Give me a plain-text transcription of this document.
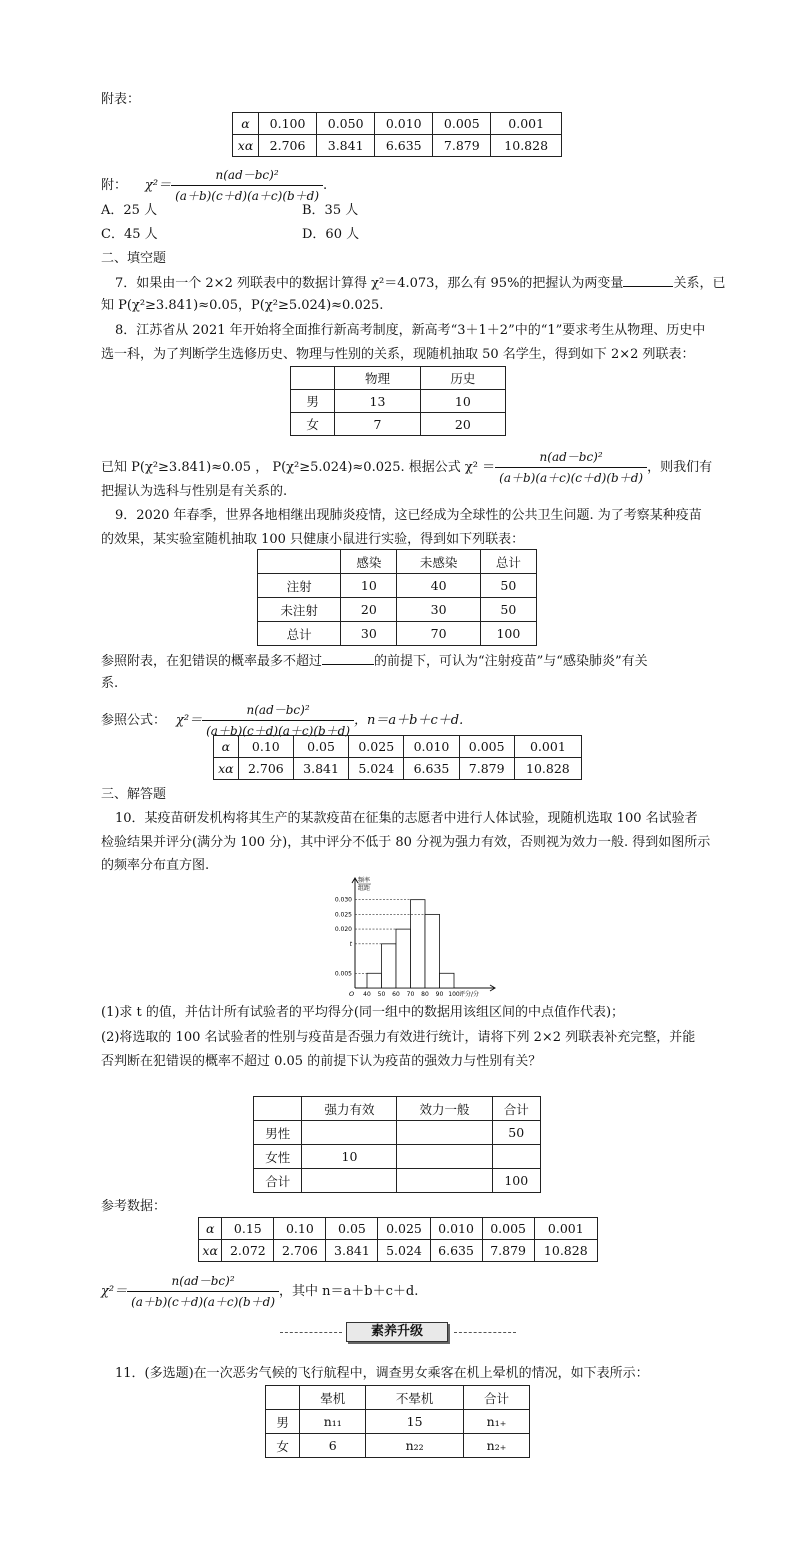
附表：

α	0.100	0.050	0.010	0.005	0.001
xα	2.706	3.841	6.635	7.879	10.828

附： $\chi^2= \frac{\text{n(ad－bc)²}}{(a+b)(c+d)(a+c)(b+d)}$ .

A．25 人	B．35 人

C．45 人	D．60 人

二、填空题

7．如果由一个 2×2 列联表中的数据计算得 χ²＝4.073，那么有 95%的把握认为两变量	关系，已

知 P(χ²≥3.841)≈0.05，P(χ²≥5.024)≈0.025.

8．江苏省从 2021 年开始将全面推行新高考制度，新高考“3＋1＋2”中的“1”要求考生从物理、历史中

选一科，为了判断学生选修历史、物理与性别的关系，现随机抽取 50 名学生，得到如下 2×2 列联表：

	物理	历史
男	13	10
女	7	20

已知 P(χ²≥3.841)≈0.05 ， P(χ²≥5.024)≈0.025. 根据公式 $\chi^2 = \frac{\text{n(ad－bc)²}}{(a+b)(a+c)(c+d)(b+d)}$ ，则我们有

把握认为选科与性别是有关系的.

9．2020 年春季，世界各地相继出现肺炎疫情，这已经成为全球性的公共卫生问题. 为了考察某种疫苗

的效果，某实验室随机抽取 100 只健康小鼠进行实验，得到如下列联表：

	感染	未感染	总计
注射	10	40	50
未注射	20	30	50
总计	30	70	100

参照附表，在犯错误的概率最多不超过	的前提下，可认为“注射疫苗”与“感染肺炎”有关

系.

参照公式： $\chi^2= \frac{\text{n(ad－bc)²}}{(a+b)(c+d)(a+c)(b+d)}$ ，n＝a＋b＋c＋d.

α	0.10	0.05	0.025	0.010	0.005	0.001
xα	2.706	3.841	5.024	6.635	7.879	10.828

三、解答题

10．某疫苗研发机构将其生产的某款疫苗在征集的志愿者中进行人体试验，现随机选取 100 名试验者

检验结果并评分(满分为 100 分)，其中评分不低于 80 分视为强力有效，否则视为效力一般. 得到如图所示

的频率分布直方图.

频率
组距
0.030
0.025
0.020
t
0.005
O 40 50 60 70 80 90 100 评分/分

(1)求 t 的值，并估计所有试验者的平均得分(同一组中的数据用该组区间的中点值作代表)；

(2)将选取的 100 名试验者的性别与疫苗是否强力有效进行统计，请将下列 2×2 列联表补充完整，并能

否判断在犯错误的概率不超过 0.05 的前提下认为疫苗的强效力与性别有关？

	强力有效	效力一般	合计
男性			50
女性	10		
合计			100

参考数据：

α	0.15	0.10	0.05	0.025	0.010	0.005	0.001
xα	2.072	2.706	3.841	5.024	6.635	7.879	10.828

$\chi^2= \frac{\text{n(ad－bc)²}}{(a+b)(c+d)(a+c)(b+d)}$ ，其中 n＝a＋b＋c＋d.

素养升级

11．(多选题)在一次恶劣气候的飞行航程中，调查男女乘客在机上晕机的情况，如下表所示：

	晕机	不晕机	合计
男	n₁₁	15	n₁₊
女	6	n₂₂	n₂₊
